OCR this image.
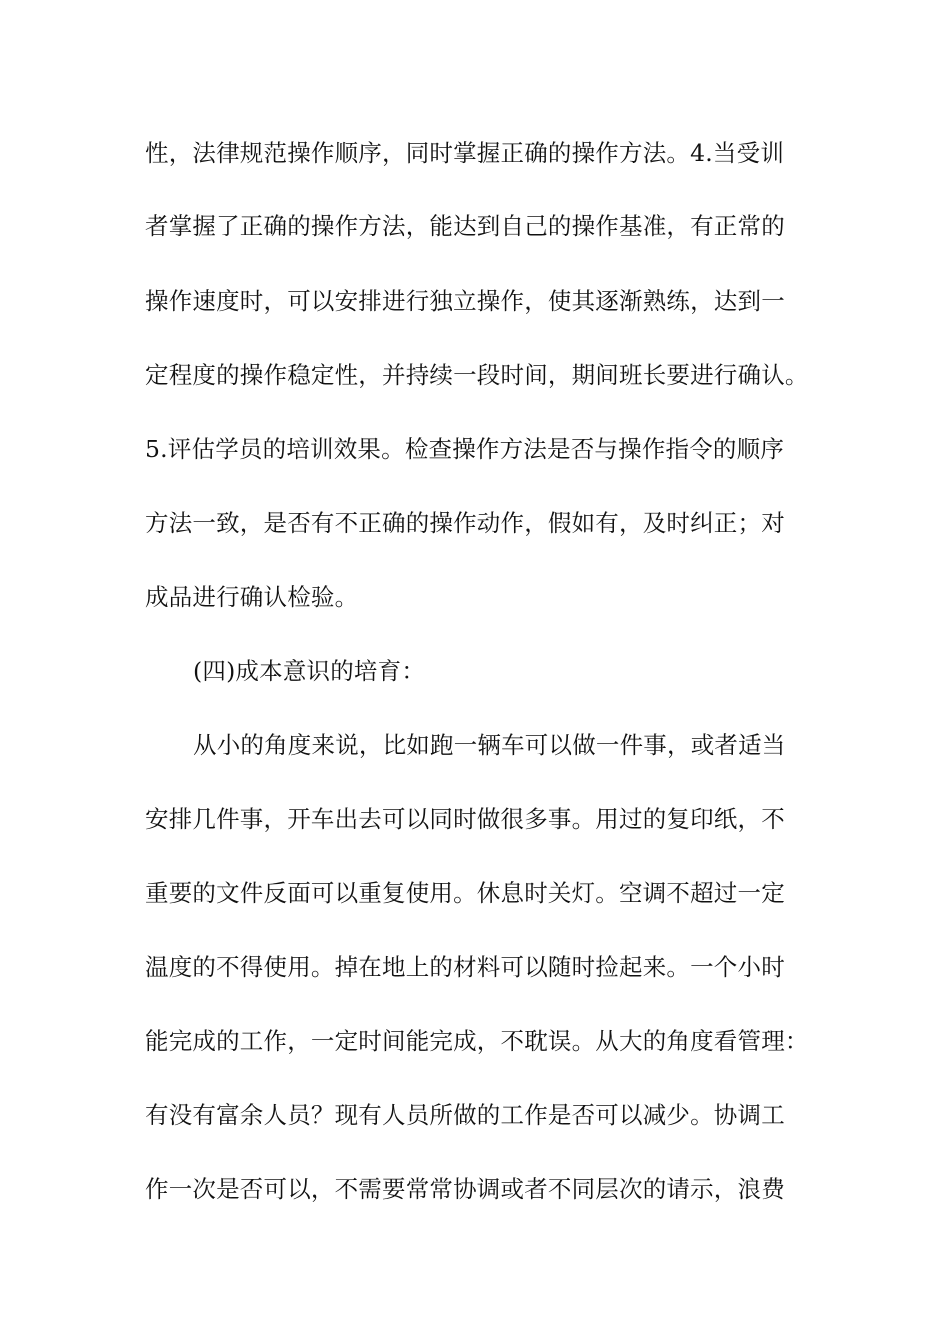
性，法律规范操作顺序，同时掌握正确的操作方法。4.当受训
者掌握了正确的操作方法，能达到自己的操作基准，有正常的
操作速度时，可以安排进行独立操作，使其逐渐熟练，达到一
定程度的操作稳定性，并持续一段时间，期间班长要进行确认。
5.评估学员的培训效果。检查操作方法是否与操作指令的顺序
方法一致，是否有不正确的操作动作，假如有，及时纠正；对
成品进行确认检验。
(四)成本意识的培育：
从小的角度来说，比如跑一辆车可以做一件事，或者适当
安排几件事，开车出去可以同时做很多事。用过的复印纸，不
重要的文件反面可以重复使用。休息时关灯。空调不超过一定
温度的不得使用。掉在地上的材料可以随时捡起来。一个小时
能完成的工作，一定时间能完成，不耽误。从大的角度看管理：
有没有富余人员？现有人员所做的工作是否可以减少。协调工
作一次是否可以，不需要常常协调或者不同层次的请示，浪费
